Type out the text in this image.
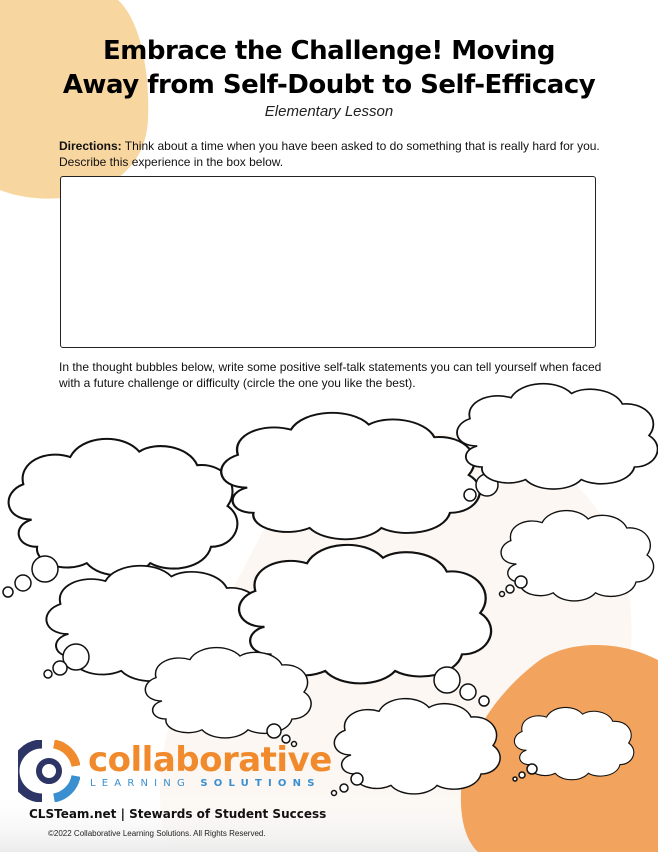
Embrace the Challenge! Moving
Away from Self-Doubt to Self-Efficacy
Elementary Lesson
Directions: Think about a time when you have been asked to do something that is really hard for you. Describe this experience in the box below.
In the thought bubbles below, write some positive self-talk statements you can tell yourself when faced with a future challenge or difficulty (circle the one you like the best).
collaborative
LEARNING SOLUTIONS
CLSTeam.net | Stewards of Student Success
©2022 Collaborative Learning Solutions. All Rights Reserved.
